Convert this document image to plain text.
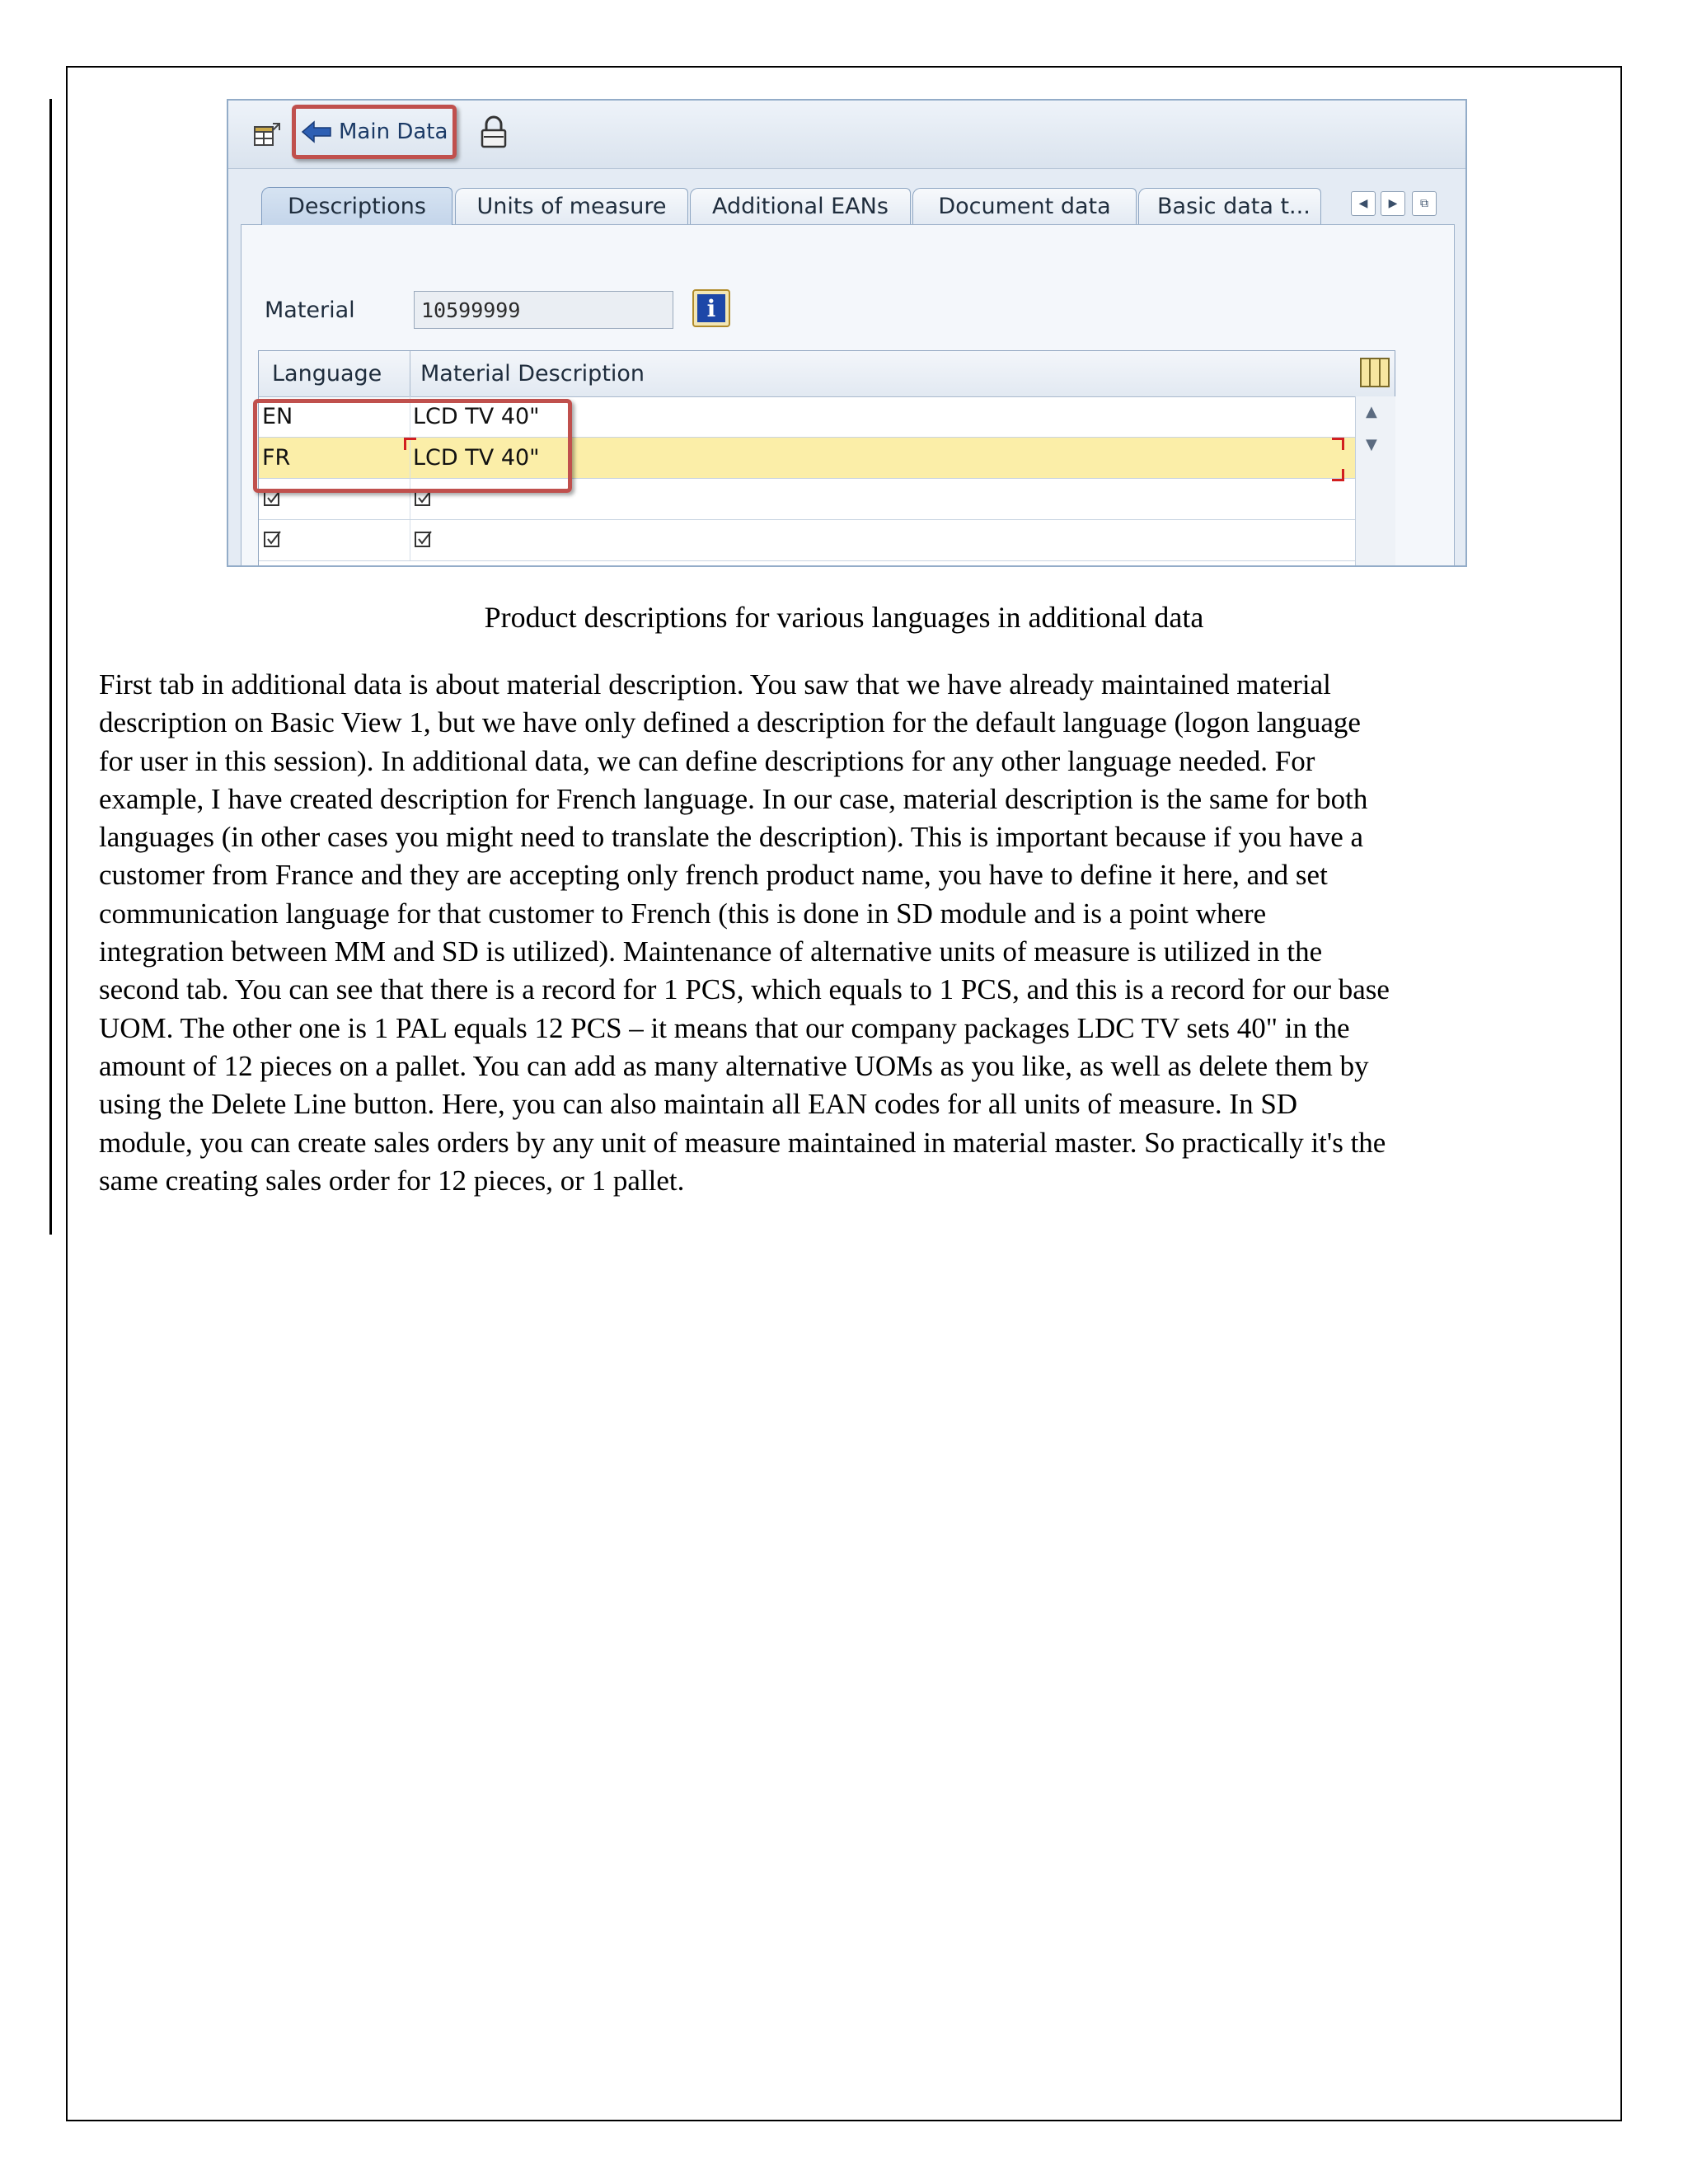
Main Data
Descriptions Units of measure Additional EANs Document data Basic data t...	◀	▶	⧉
Material	10599999	i
Language Material Description
EN	LCD TV 40"
FR	LCD TV 40"
▲
▼
Product descriptions for various languages in additional data
First tab in additional data is about material description. You saw that we have already maintained material
description on Basic View 1, but we have only defined a description for the default language (logon language
for user in this session). In additional data, we can define descriptions for any other language needed. For
example, I have created description for French language. In our case, material description is the same for both
languages (in other cases you might need to translate the description). This is important because if you have a
customer from France and they are accepting only french product name, you have to define it here, and set
communication language for that customer to French (this is done in SD module and is a point where
integration between MM and SD is utilized). Maintenance of alternative units of measure is utilized in the
second tab. You can see that there is a record for 1 PCS, which equals to 1 PCS, and this is a record for our base
UOM. The other one is 1 PAL equals 12 PCS – it means that our company packages LDC TV sets 40" in the
amount of 12 pieces on a pallet. You can add as many alternative UOMs as you like, as well as delete them by
using the Delete Line button. Here, you can also maintain all EAN codes for all units of measure. In SD
module, you can create sales orders by any unit of measure maintained in material master. So practically it's the
same creating sales order for 12 pieces, or 1 pallet.
